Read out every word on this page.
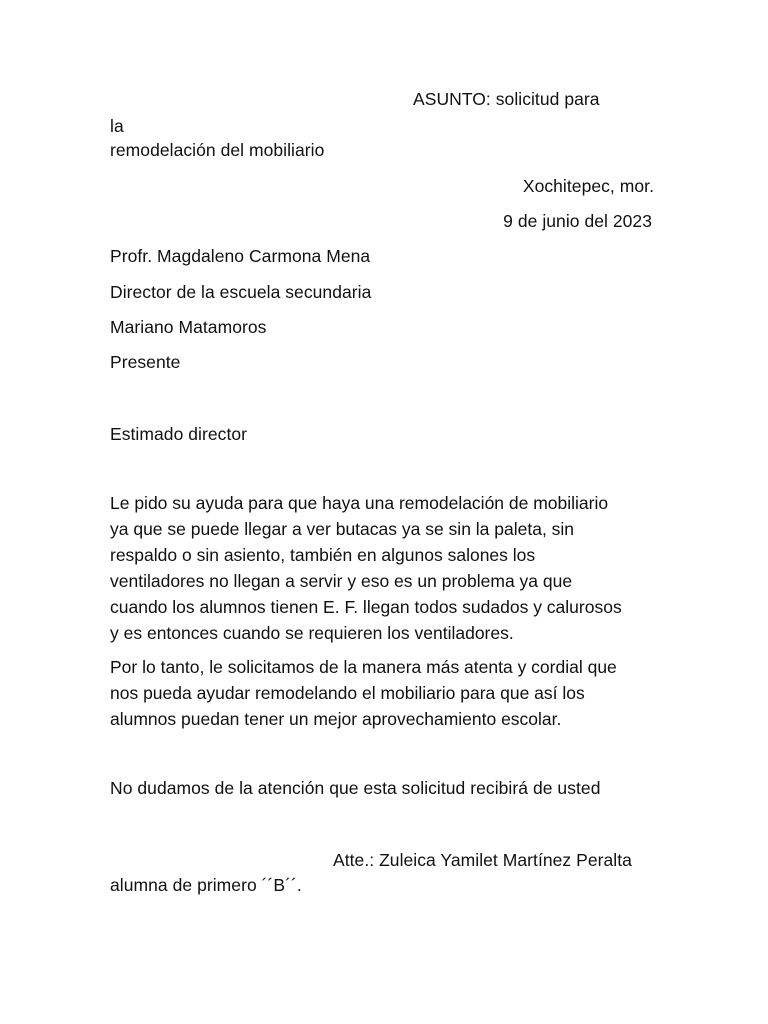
ASUNTO: solicitud para
la
remodelación del mobiliario
Xochitepec, mor.
9 de junio del 2023
Profr. Magdaleno Carmona Mena
Director de la escuela secundaria
Mariano Matamoros
Presente
Estimado director
Le pido su ayuda para que haya una remodelación de mobiliario
ya que se puede llegar a ver butacas ya se sin la paleta, sin
respaldo o sin asiento, también en algunos salones los
ventiladores no llegan a servir y eso es un problema ya que
cuando los alumnos tienen E. F. llegan todos sudados y calurosos
y es entonces cuando se requieren los ventiladores.
Por lo tanto, le solicitamos de la manera más atenta y cordial que
nos pueda ayudar remodelando el mobiliario para que así los
alumnos puedan tener un mejor aprovechamiento escolar.
No dudamos de la atención que esta solicitud recibirá de usted
Atte.: Zuleica Yamilet Martínez Peralta
alumna de primero ´´B´´.
